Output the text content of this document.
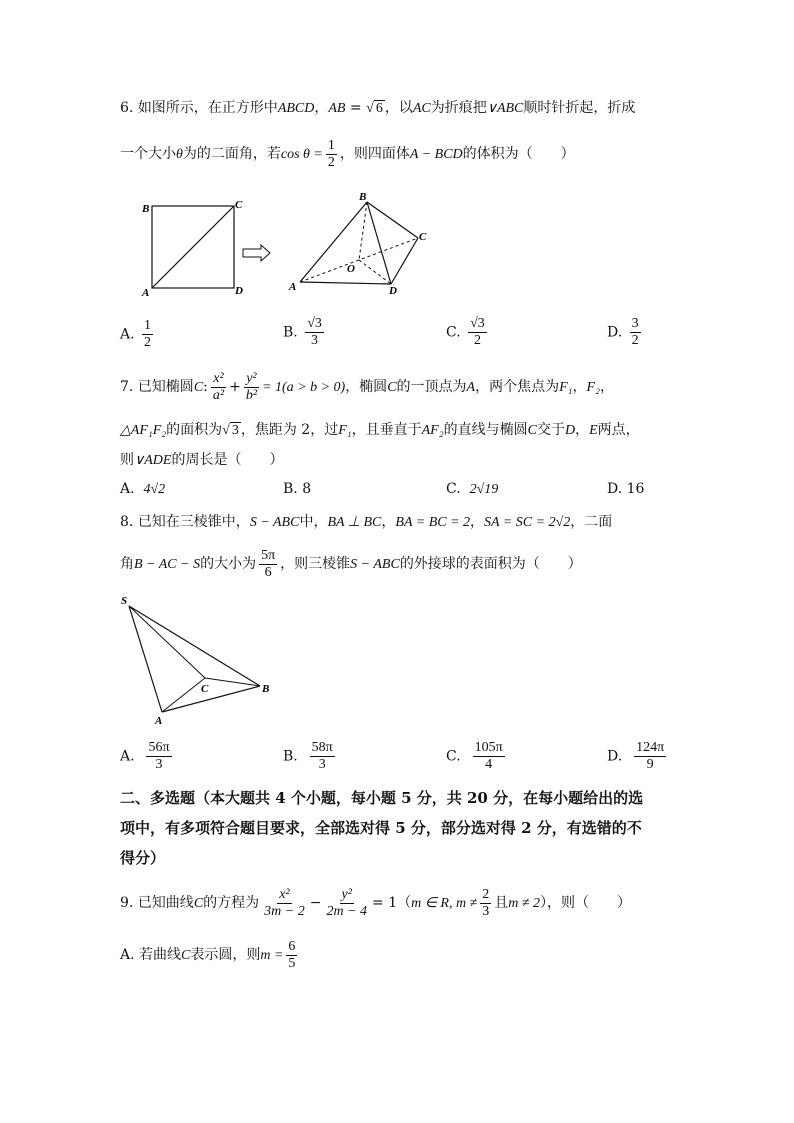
6. 如图所示，在正方形中ABCD，AB = √ 6 ，以AC为折痕把∨ABC顺时针折起，折成
一个大小θ为的二面角，若$\cos \theta = \frac{1}{2}$ ，则四面体A − BCD的体积为（　　）
B	C
A	D
B
C
O
A	D
A. $\frac{1}{2}$	B. $\frac{√3}{3}$	C. $\frac{√3}{2}$	D. $\frac{3}{2}$
7. 已知椭圆C: $\frac{\text{x²}}{\text{a²}} + \frac{\text{y²}}{\text{b²}} = 1(a > b > 0)$，椭圆C的一顶点为A，两个焦点为F₁，F₂，
△AF₁F₂的面积为√ 3 ，焦距为 2，过F₁，且垂直于AF₂的直线与椭圆C交于D，E两点，
则∨ADE的周长是（　　）
A. 4√2	B. 8	C. 2√19	D. 16
8. 已知在三棱锥中，S − ABC中，BA ⊥ BC，BA = BC = 2，SA = SC = 2√2，二面
角B − AC − S的大小为 $\frac{5\pi}{6}$ ，则三棱锥S − ABC的外接球的表面积为（　　）
S
C	B
A
A. $\frac{56\pi}{3}$	B. $\frac{58\pi}{3}$	C. $\frac{105\pi}{4}$	D. $\frac{124\pi}{9}$
二、多选题（本大题共 4 个小题，每小题 5 分，共 20 分，在每小题给出的选
项中，有多项符合题目要求，全部选对得 5 分，部分选对得 2 分，有选错的不
得分）
9. 已知曲线C的方程为 $\frac{\text{x²}}{3m - 2} - \frac{\text{y²}}{2m - 4} = 1(m$ ∈ R, $m \ne \frac{2}{3}$ 且m ≠ 2），则（　　）
A. 若曲线C表示圆，则$m = \frac{6}{5}$
